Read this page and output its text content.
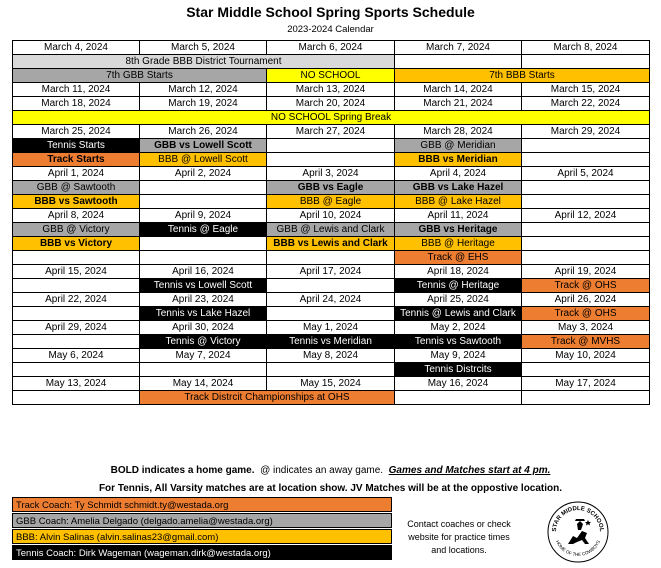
Star Middle School Spring Sports Schedule
2023-2024 Calendar
March 4, 2024	March 5, 2024	March 6, 2024	March 7, 2024	March 8, 2024
8th Grade BBB District Tournament				
7th GBB Starts		NO SCHOOL	7th BBB Starts	
March 11, 2024	March 12, 2024	March 13, 2024	March 14, 2024	March 15, 2024
March 18, 2024	March 19, 2024	March 20, 2024	March 21, 2024	March 22, 2024
NO SCHOOL Spring Break				
March 25, 2024	March 26, 2024	March 27, 2024	March 28, 2024	March 29, 2024
Tennis Starts	GBB vs Lowell Scott		GBB @ Meridian	
Track Starts	BBB @ Lowell Scott		BBB vs Meridian	
April 1, 2024	April 2, 2024	April 3, 2024	April 4, 2024	April 5, 2024
GBB @ Sawtooth		GBB vs Eagle	GBB vs Lake Hazel	
BBB vs Sawtooth		BBB @ Eagle	BBB @ Lake Hazel	
April 8, 2024	April 9, 2024	April 10, 2024	April 11, 2024	April 12, 2024
GBB @ Victory	Tennis @ Eagle	GBB @ Lewis and Clark	GBB vs Heritage	
BBB vs Victory		BBB vs Lewis and Clark	BBB @ Heritage	
			Track @ EHS	
April 15, 2024	April 16, 2024	April 17, 2024	April 18, 2024	April 19, 2024
	Tennis vs Lowell Scott		Tennis @ Heritage	Track @ OHS
April 22, 2024	April 23, 2024	April 24, 2024	April 25, 2024	April 26, 2024
	Tennis vs Lake Hazel		Tennis @ Lewis and Clark	Track @ OHS
April 29, 2024	April 30, 2024	May 1, 2024	May 2, 2024	May 3, 2024
	Tennis @ Victory	Tennis vs Meridian	Tennis vs Sawtooth	Track @ MVHS
May 6, 2024	May 7, 2024	May 8, 2024	May 9, 2024	May 10, 2024
			Tennis Distrcits	
May 13, 2024	May 14, 2024	May 15, 2024	May 16, 2024	May 17, 2024
	Track Distrcit Championships at OHS			
BOLD indicates a home game. @ indicates an away game. Games and Matches start at 4 pm.
For Tennis, All Varsity matches are at location show. JV Matches will be at the oppostive location.
Track Coach: Ty Schmidt schmidt.ty@westada.org
GBB Coach: Amelia Delgado (delgado.amelia@westada.org)
BBB: Alvin Salinas (alvin.salinas23@gmail.com)
Tennis Coach: Dirk Wageman (wageman.dirk@westada.org)
Contact coaches or check
website for practice times
and locations.
STAR MIDDLE SCHOOL
HOME OF THE COWBOYS
